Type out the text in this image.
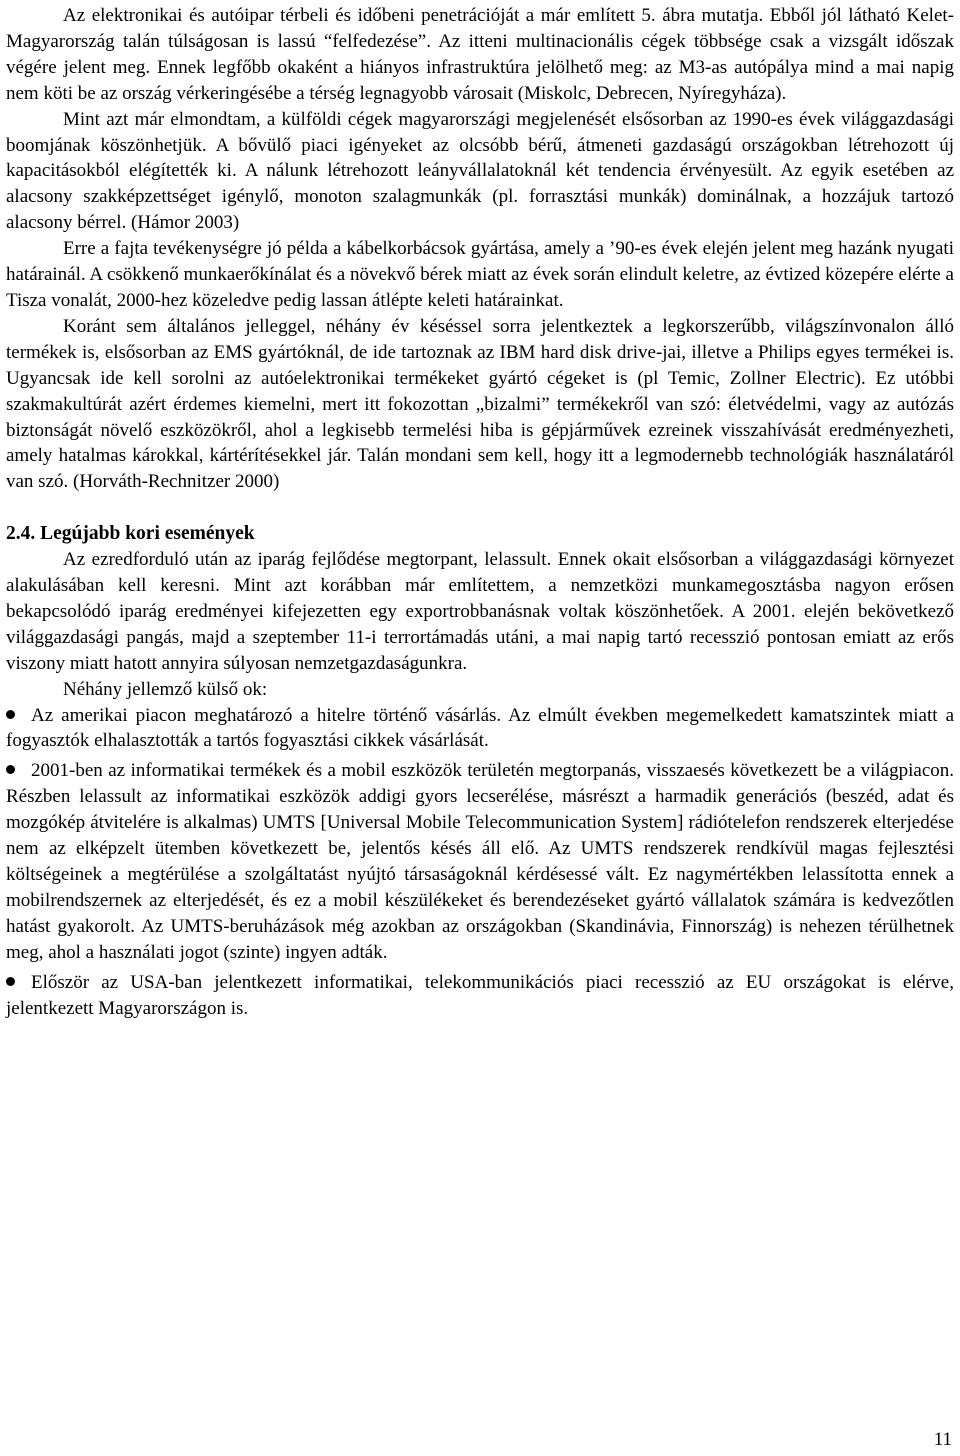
Az elektronikai és autóipar térbeli és időbeni penetrációját a már említett 5. ábra mutatja. Ebből jól látható Kelet-Magyarország talán túlságosan is lassú “felfedezése”. Az itteni multinacionális cégek többsége csak a vizsgált időszak végére jelent meg. Ennek legfőbb okaként a hiányos infrastruktúra jelölhető meg: az M3-as autópálya mind a mai napig nem köti be az ország vérkeringésébe a térség legnagyobb városait (Miskolc, Debrecen, Nyíregyháza).

Mint azt már elmondtam, a külföldi cégek magyarországi megjelenését elsősorban az 1990-es évek világgazdasági boomjának köszönhetjük. A bővülő piaci igényeket az olcsóbb bérű, átmeneti gazdaságú országokban létrehozott új kapacitásokból elégítették ki. A nálunk létrehozott leányvállalatoknál két tendencia érvényesült. Az egyik esetében az alacsony szakképzettséget igénylő, monoton szalagmunkák (pl. forrasztási munkák) dominálnak, a hozzájuk tartozó alacsony bérrel. (Hámor 2003)

Erre a fajta tevékenységre jó példa a kábelkorbácsok gyártása, amely a ’90-es évek elején jelent meg hazánk nyugati határainál. A csökkenő munkaerőkínálat és a növekvő bérek miatt az évek során elindult keletre, az évtized közepére elérte a Tisza vonalát, 2000-hez közeledve pedig lassan átlépte keleti határainkat.

Koránt sem általános jelleggel, néhány év késéssel sorra jelentkeztek a legkorszerűbb, világszínvonalon álló termékek is, elsősorban az EMS gyártóknál, de ide tartoznak az IBM hard disk drive-jai, illetve a Philips egyes termékei is. Ugyancsak ide kell sorolni az autóelektronikai termékeket gyártó cégeket is (pl Temic, Zollner Electric). Ez utóbbi szakmakultúrát azért érdemes kiemelni, mert itt fokozottan „bizalmi” termékekről van szó: életvédelmi, vagy az autózás biztonságát növelő eszközökről, ahol a legkisebb termelési hiba is gépjárművek ezreinek visszahívását eredményezheti, amely hatalmas károkkal, kártérítésekkel jár. Talán mondani sem kell, hogy itt a legmodernebb technológiák használatáról van szó. (Horváth-Rechnitzer 2000)

2.4. Legújabb kori események

Az ezredforduló után az iparág fejlődése megtorpant, lelassult. Ennek okait elsősorban a világgazdasági környezet alakulásában kell keresni. Mint azt korábban már említettem, a nemzetközi munkamegosztásba nagyon erősen bekapcsolódó iparág eredményei kifejezetten egy exportrobbanásnak voltak köszönhetőek. A 2001. elején bekövetkező világgazdasági pangás, majd a szeptember 11-i terrortámadás utáni, a mai napig tartó recesszió pontosan emiatt az erős viszony miatt hatott annyira súlyosan nemzetgazdaságunkra.

Néhány jellemző külső ok:

Az amerikai piacon meghatározó a hitelre történő vásárlás. Az elmúlt években megemelkedett kamatszintek miatt a fogyasztók elhalasztották a tartós fogyasztási cikkek vásárlását.

2001-ben az informatikai termékek és a mobil eszközök területén megtorpanás, visszaesés következett be a világpiacon. Részben lelassult az informatikai eszközök addigi gyors lecserélése, másrészt a harmadik generációs (beszéd, adat és mozgókép átvitelére is alkalmas) UMTS [Universal Mobile Telecommunication System] rádiótelefon rendszerek elterjedése nem az elképzelt ütemben következett be, jelentős késés áll elő. Az UMTS rendszerek rendkívül magas fejlesztési költségeinek a megtérülése a szolgáltatást nyújtó társaságoknál kérdésessé vált. Ez nagymértékben lelassította ennek a mobilrendszernek az elterjedését, és ez a mobil készülékeket és berendezéseket gyártó vállalatok számára is kedvezőtlen hatást gyakorolt. Az UMTS-beruházások még azokban az országokban (Skandinávia, Finnország) is nehezen térülhetnek meg, ahol a használati jogot (szinte) ingyen adták.

Először az USA-ban jelentkezett informatikai, telekommunikációs piaci recesszió az EU országokat is elérve, jelentkezett Magyarországon is.

11
